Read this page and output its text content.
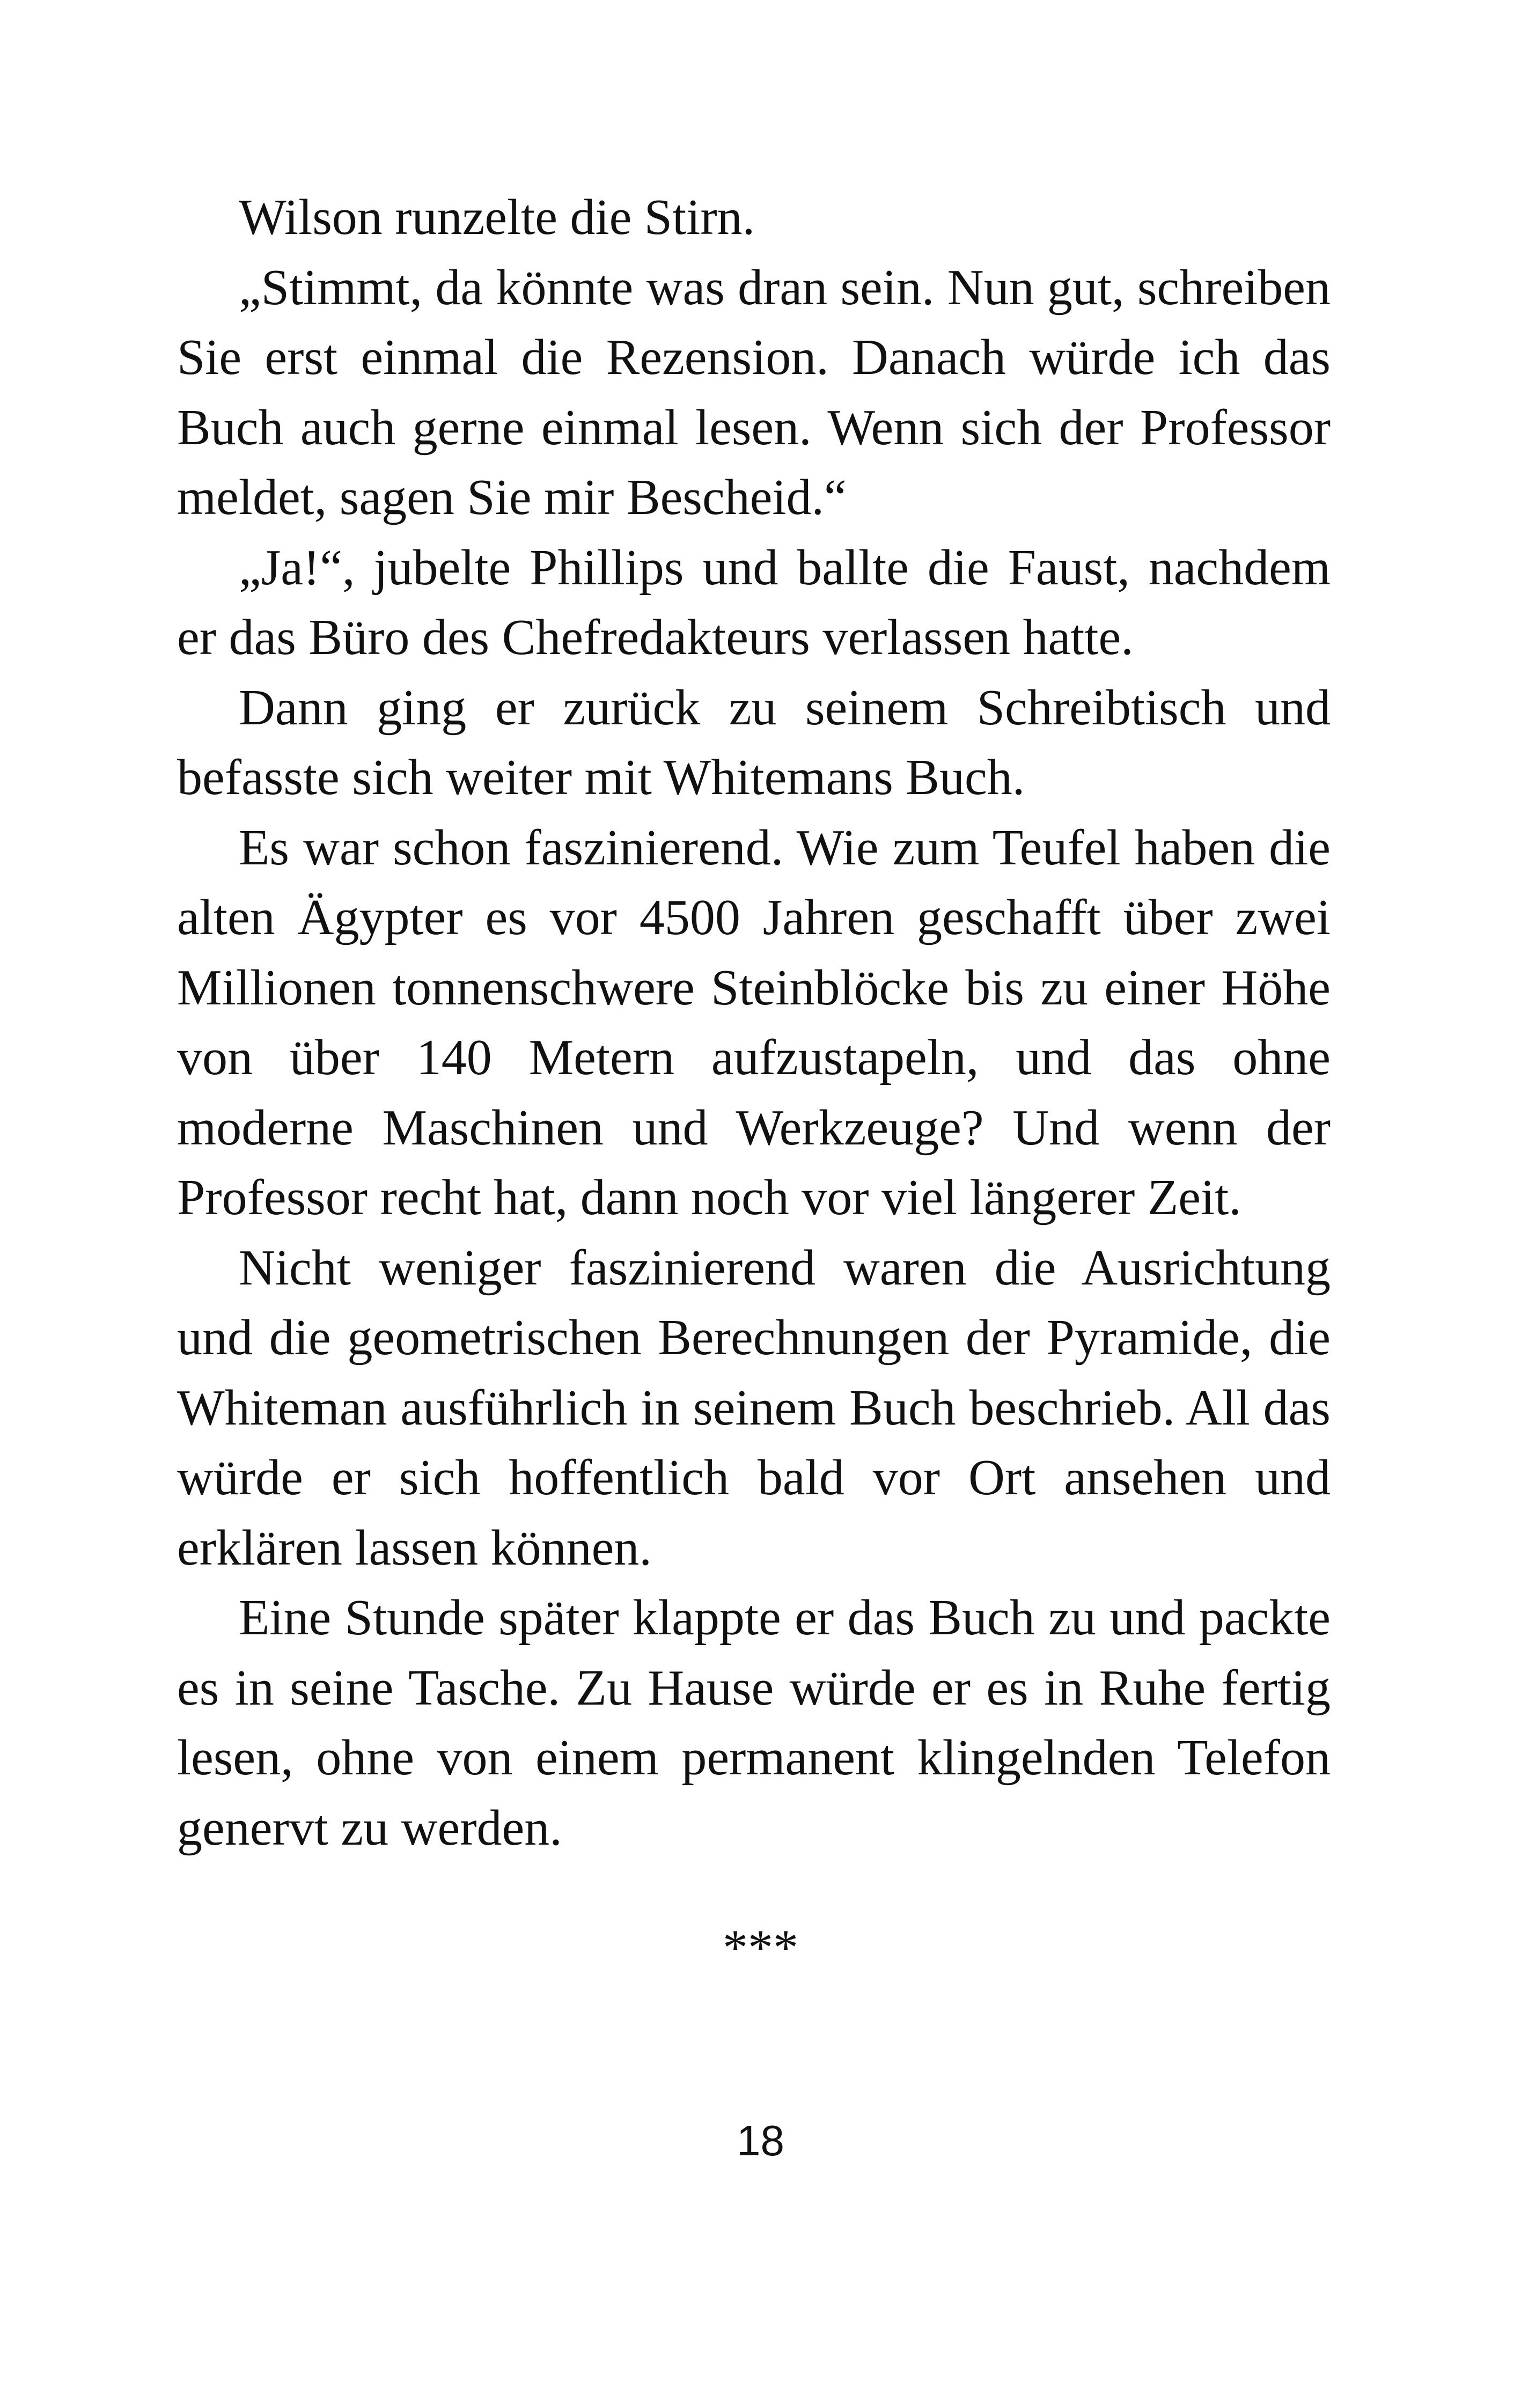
Wilson runzelte die Stirn.

„Stimmt, da könnte was dran sein. Nun gut, schreiben Sie erst einmal die Rezension. Danach würde ich das Buch auch gerne einmal lesen. Wenn sich der Professor meldet, sagen Sie mir Bescheid.“

„Ja!“, jubelte Phillips und ballte die Faust, nachdem er das Büro des Chefredakteurs verlassen hatte.

Dann ging er zurück zu seinem Schreibtisch und befasste sich weiter mit Whitemans Buch.

Es war schon faszinierend. Wie zum Teufel haben die alten Ägypter es vor 4500 Jahren geschafft über zwei Millionen tonnenschwere Steinblöcke bis zu einer Höhe von über 140 Metern aufzustapeln, und das ohne moderne Maschinen und Werkzeuge? Und wenn der Professor recht hat, dann noch vor viel längerer Zeit.

Nicht weniger faszinierend waren die Ausrichtung und die geometrischen Berechnungen der Pyramide, die Whiteman ausführlich in seinem Buch beschrieb. All das würde er sich hoffentlich bald vor Ort ansehen und erklären lassen können.

Eine Stunde später klappte er das Buch zu und packte es in seine Tasche. Zu Hause würde er es in Ruhe fertig lesen, ohne von einem permanent klingelnden Telefon genervt zu werden.

***
18
